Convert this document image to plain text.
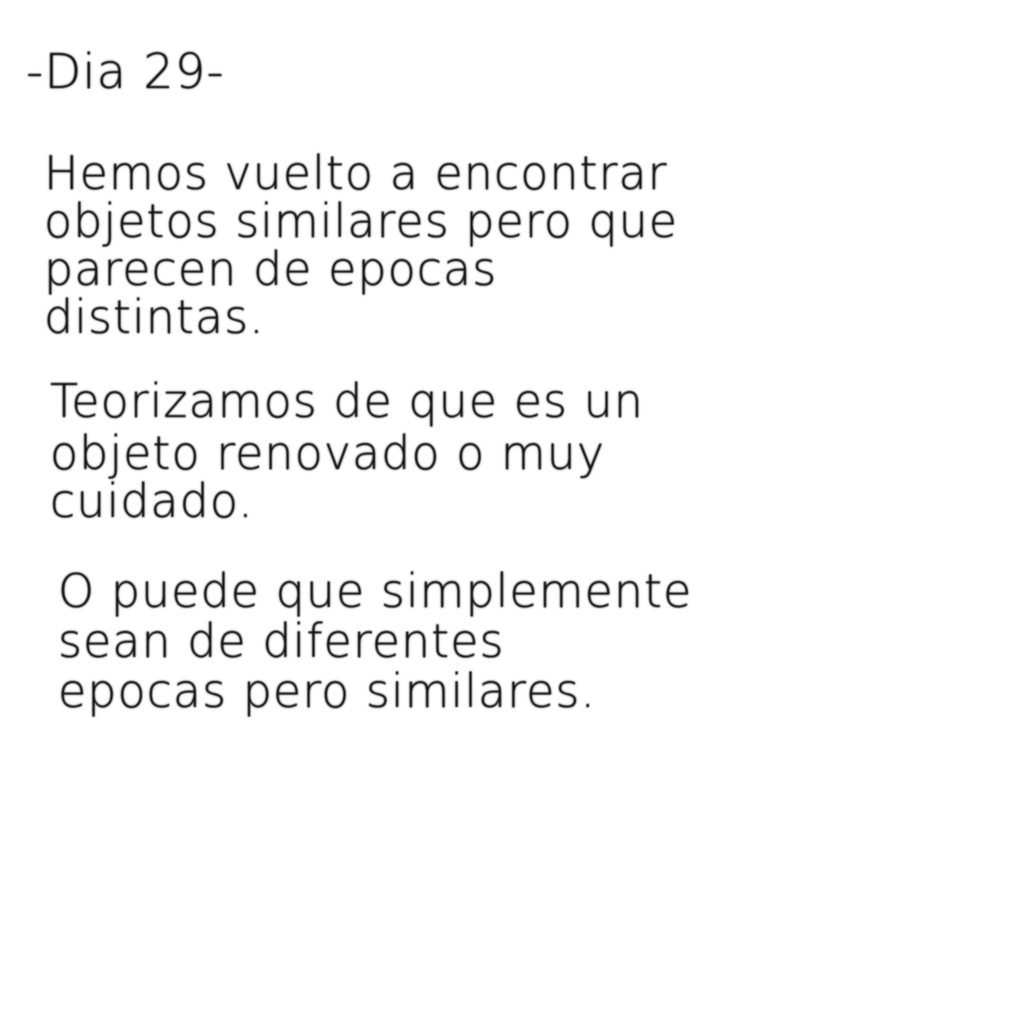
-Dia 29-
Hemos vuelto a encontrar
objetos similares pero que
parecen de epocas
distintas.
Teorizamos de que es un
objeto renovado o muy
cuidado.
O puede que simplemente
sean de diferentes
epocas pero similares.
